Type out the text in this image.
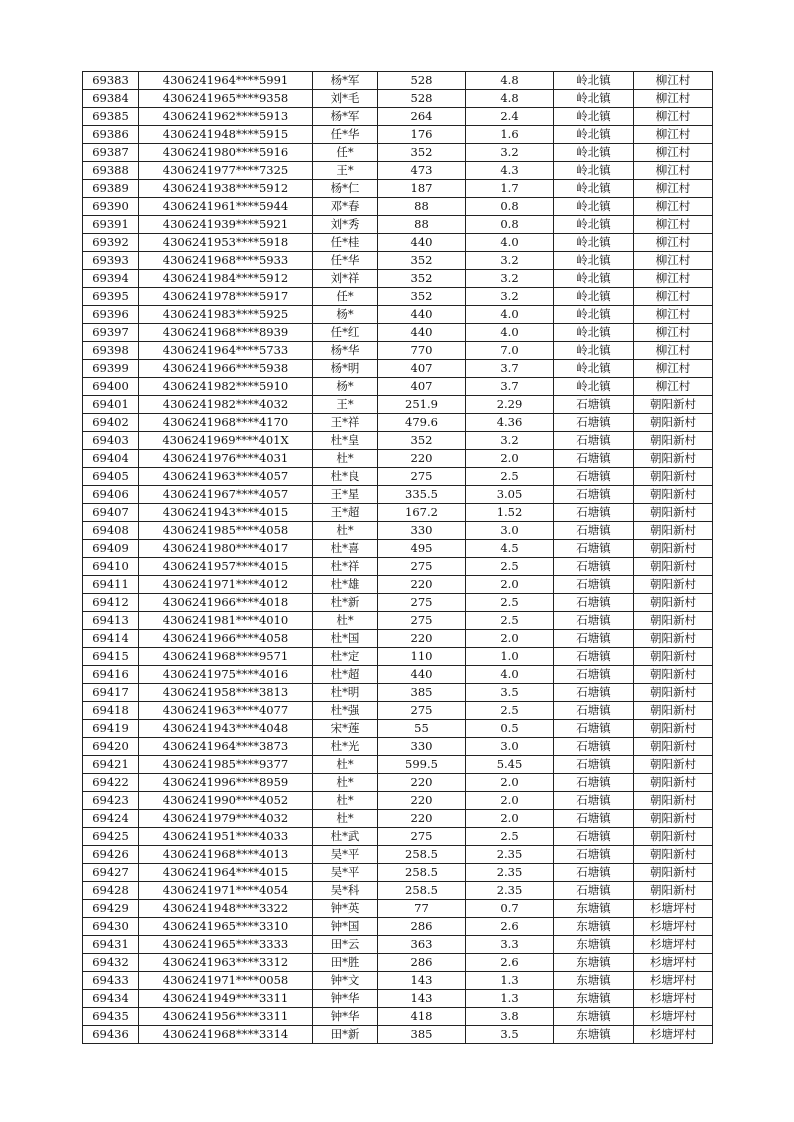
69383	4306241964****5991	杨*军	528	4.8	岭北镇	柳江村
69384	4306241965****9358	刘*毛	528	4.8	岭北镇	柳江村
69385	4306241962****5913	杨*军	264	2.4	岭北镇	柳江村
69386	4306241948****5915	任*华	176	1.6	岭北镇	柳江村
69387	4306241980****5916	任*	352	3.2	岭北镇	柳江村
69388	4306241977****7325	王*	473	4.3	岭北镇	柳江村
69389	4306241938****5912	杨*仁	187	1.7	岭北镇	柳江村
69390	4306241961****5944	邓*春	88	0.8	岭北镇	柳江村
69391	4306241939****5921	刘*秀	88	0.8	岭北镇	柳江村
69392	4306241953****5918	任*桂	440	4.0	岭北镇	柳江村
69393	4306241968****5933	任*华	352	3.2	岭北镇	柳江村
69394	4306241984****5912	刘*祥	352	3.2	岭北镇	柳江村
69395	4306241978****5917	任*	352	3.2	岭北镇	柳江村
69396	4306241983****5925	杨*	440	4.0	岭北镇	柳江村
69397	4306241968****8939	任*红	440	4.0	岭北镇	柳江村
69398	4306241964****5733	杨*华	770	7.0	岭北镇	柳江村
69399	4306241966****5938	杨*明	407	3.7	岭北镇	柳江村
69400	4306241982****5910	杨*	407	3.7	岭北镇	柳江村
69401	4306241982****4032	王*	251.9	2.29	石塘镇	朝阳新村
69402	4306241968****4170	王*祥	479.6	4.36	石塘镇	朝阳新村
69403	4306241969****401X	杜*皇	352	3.2	石塘镇	朝阳新村
69404	4306241976****4031	杜*	220	2.0	石塘镇	朝阳新村
69405	4306241963****4057	杜*良	275	2.5	石塘镇	朝阳新村
69406	4306241967****4057	王*星	335.5	3.05	石塘镇	朝阳新村
69407	4306241943****4015	王*超	167.2	1.52	石塘镇	朝阳新村
69408	4306241985****4058	杜*	330	3.0	石塘镇	朝阳新村
69409	4306241980****4017	杜*喜	495	4.5	石塘镇	朝阳新村
69410	4306241957****4015	杜*祥	275	2.5	石塘镇	朝阳新村
69411	4306241971****4012	杜*雄	220	2.0	石塘镇	朝阳新村
69412	4306241966****4018	杜*新	275	2.5	石塘镇	朝阳新村
69413	4306241981****4010	杜*	275	2.5	石塘镇	朝阳新村
69414	4306241966****4058	杜*国	220	2.0	石塘镇	朝阳新村
69415	4306241968****9571	杜*定	110	1.0	石塘镇	朝阳新村
69416	4306241975****4016	杜*超	440	4.0	石塘镇	朝阳新村
69417	4306241958****3813	杜*明	385	3.5	石塘镇	朝阳新村
69418	4306241963****4077	杜*强	275	2.5	石塘镇	朝阳新村
69419	4306241943****4048	宋*莲	55	0.5	石塘镇	朝阳新村
69420	4306241964****3873	杜*光	330	3.0	石塘镇	朝阳新村
69421	4306241985****9377	杜*	599.5	5.45	石塘镇	朝阳新村
69422	4306241996****8959	杜*	220	2.0	石塘镇	朝阳新村
69423	4306241990****4052	杜*	220	2.0	石塘镇	朝阳新村
69424	4306241979****4032	杜*	220	2.0	石塘镇	朝阳新村
69425	4306241951****4033	杜*武	275	2.5	石塘镇	朝阳新村
69426	4306241968****4013	吴*平	258.5	2.35	石塘镇	朝阳新村
69427	4306241964****4015	吴*平	258.5	2.35	石塘镇	朝阳新村
69428	4306241971****4054	吴*科	258.5	2.35	石塘镇	朝阳新村
69429	4306241948****3322	钟*英	77	0.7	东塘镇	杉塘坪村
69430	4306241965****3310	钟*国	286	2.6	东塘镇	杉塘坪村
69431	4306241965****3333	田*云	363	3.3	东塘镇	杉塘坪村
69432	4306241963****3312	田*胜	286	2.6	东塘镇	杉塘坪村
69433	4306241971****0058	钟*文	143	1.3	东塘镇	杉塘坪村
69434	4306241949****3311	钟*华	143	1.3	东塘镇	杉塘坪村
69435	4306241956****3311	钟*华	418	3.8	东塘镇	杉塘坪村
69436	4306241968****3314	田*新	385	3.5	东塘镇	杉塘坪村
